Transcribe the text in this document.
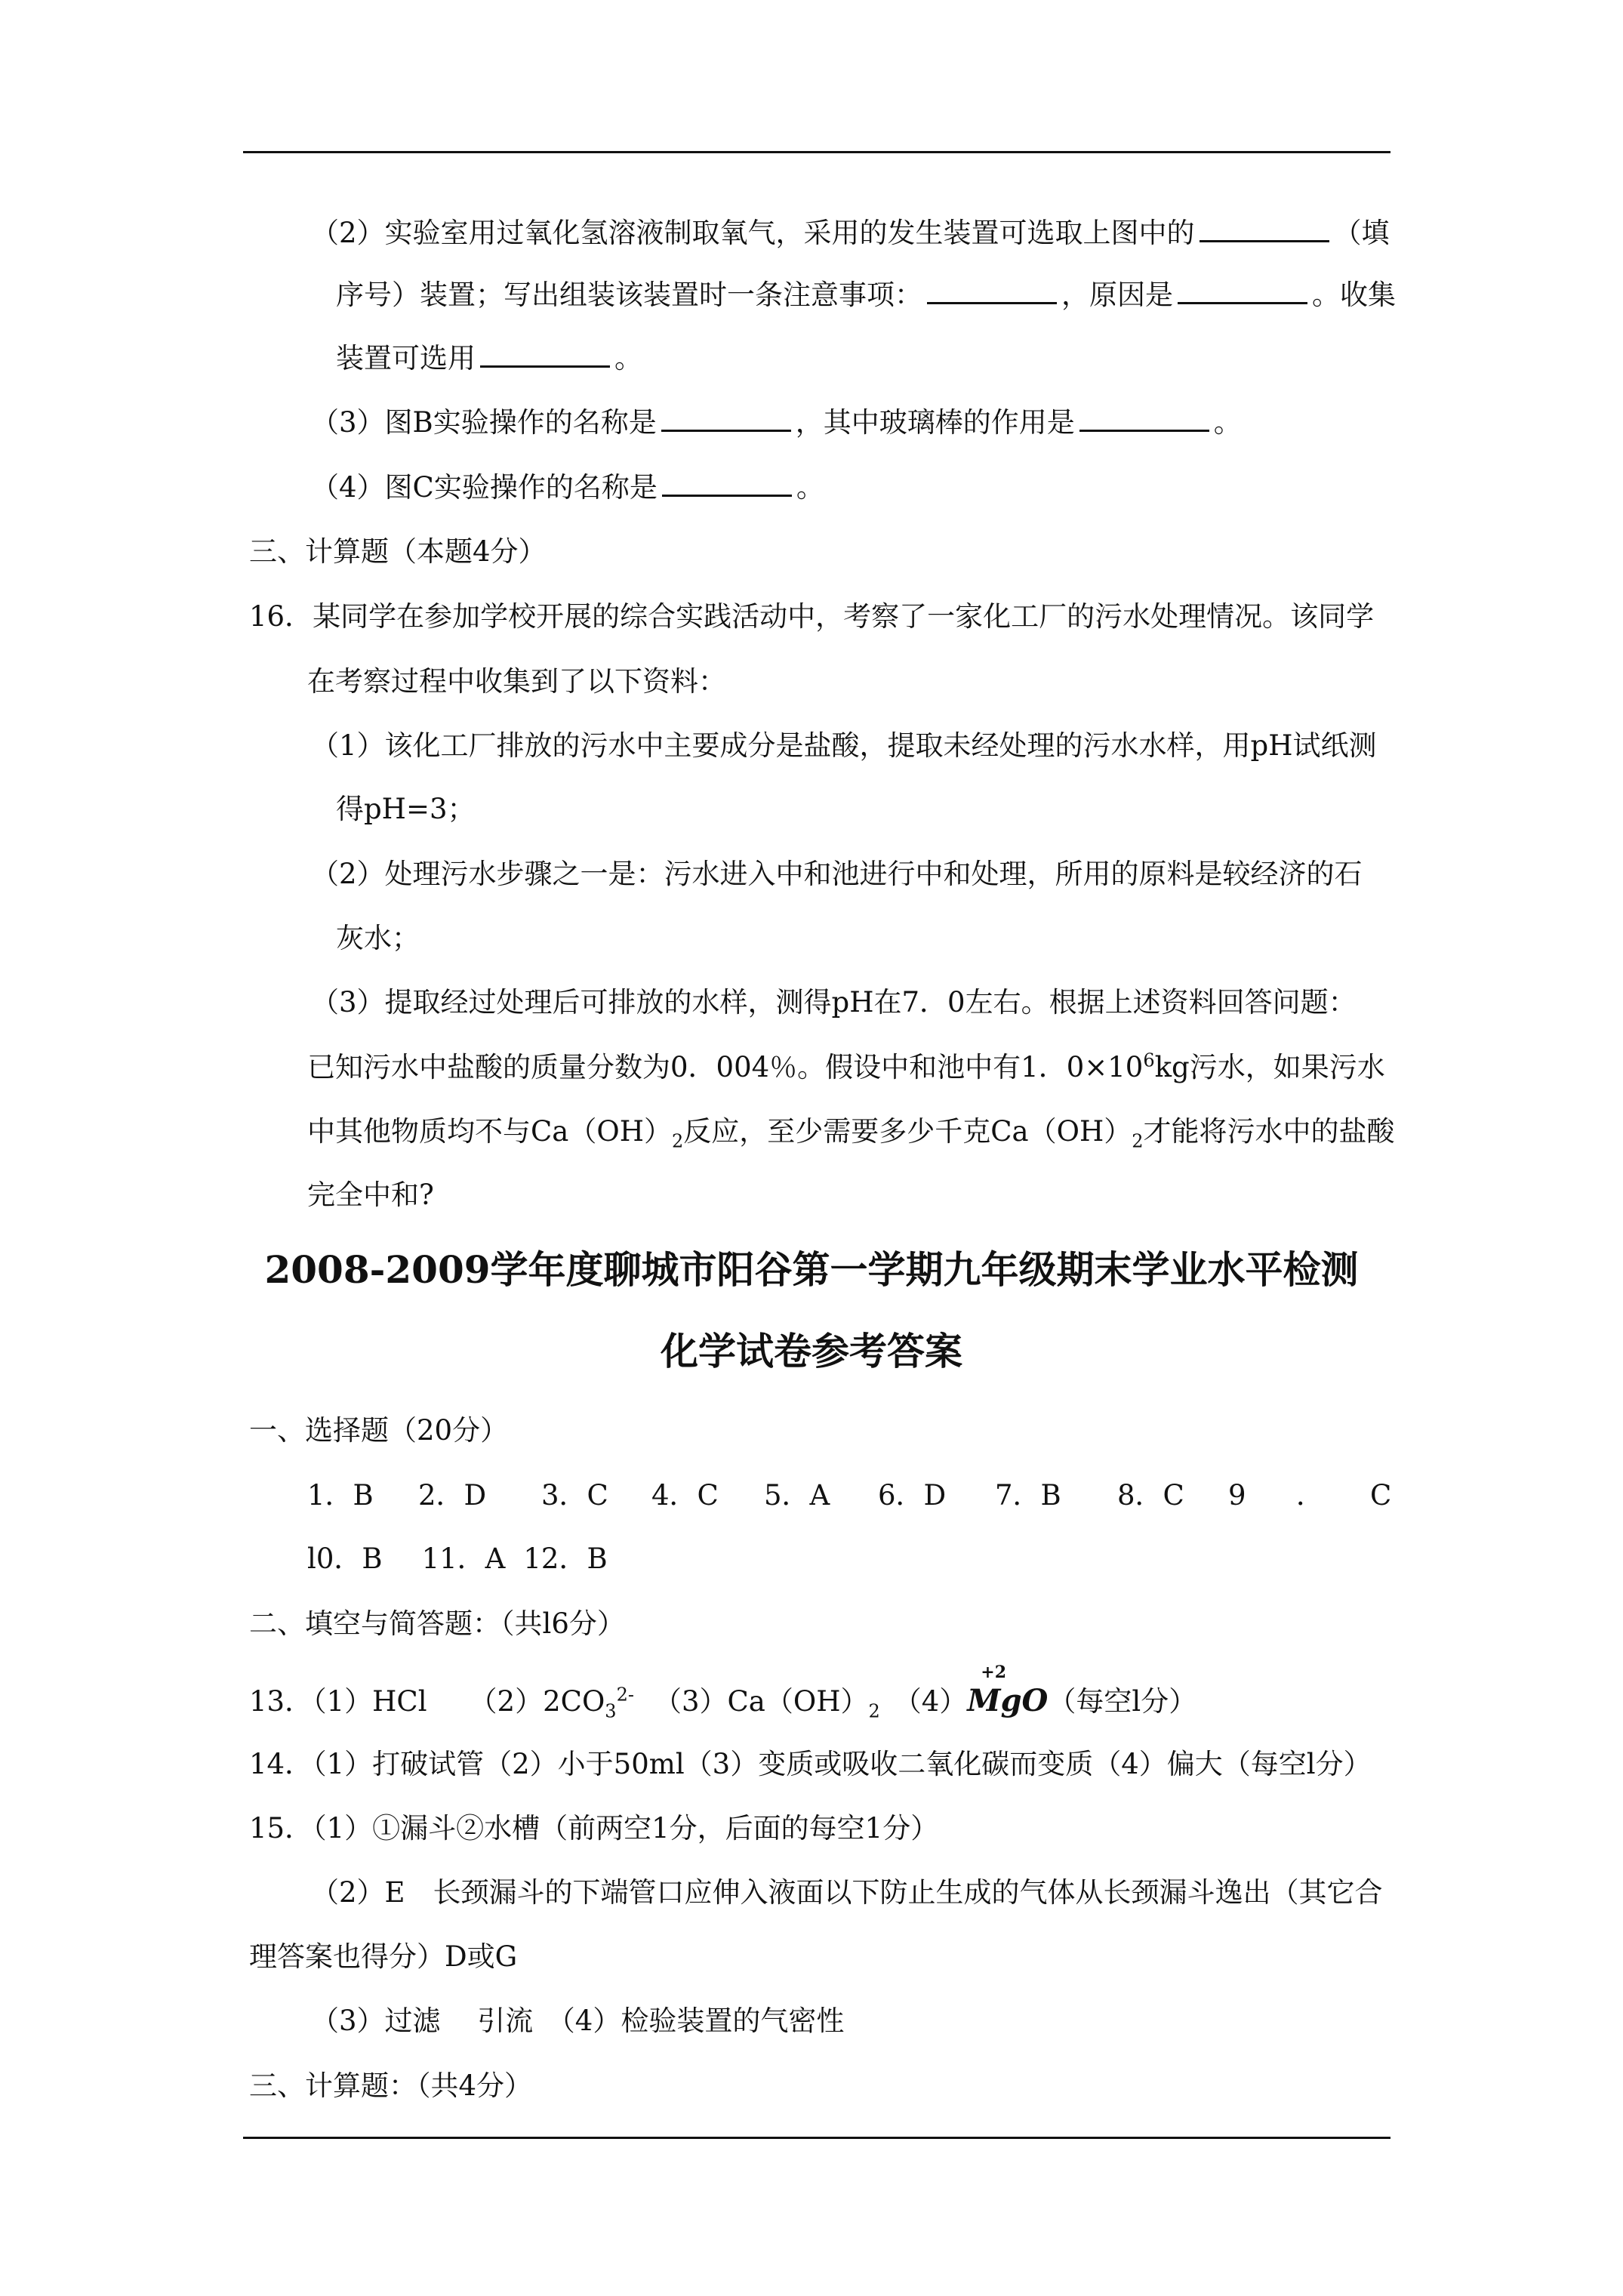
（2）实验室用过氧化氢溶液制取氧气，采用的发生装置可选取上图中的	（填
序号）装置；写出组装该装置时一条注意事项：	，原因是	。收集
装置可选用	。
（3）图B实验操作的名称是	，其中玻璃棒的作用是	。
（4）图C实验操作的名称是	。
三、计算题（本题4分）
16．某同学在参加学校开展的综合实践活动中，考察了一家化工厂的污水处理情况。该同学
在考察过程中收集到了以下资料：
（1）该化工厂排放的污水中主要成分是盐酸，提取未经处理的污水水样，用pH试纸测
得pH=3；
（2）处理污水步骤之一是：污水进入中和池进行中和处理，所用的原料是较经济的石
灰水；
（3）提取经过处理后可排放的水样，测得pH在7．0左右。根据上述资料回答问题：
已知污水中盐酸的质量分数为0．004％。假设中和池中有1．$0\times 10^6kg$污水，如果污水
中其他物质均不与$Ca(OH)_2$反应，至少需要多少千克$Ca(OH)_2$才能将污水中的盐酸
完全中和?
2008-2009学年度聊城市阳谷第一学期九年级期末学业水平检测
化学试卷参考答案
一、选择题（20分）
1．B 2．D 3．C 4．C 5．A 6．D 7．B 8．C 9 ． C
l0．B 11．A 12．B
二、填空与简答题：（共l6分）
13．（1）HCl $(2)2CO_3^{2-}$ $(3)Ca(OH)_2$ （4）
+2
MgO（每空l分）
14．（1）打破试管（2）小于50ml（3）变质或吸收二氧化碳而变质（4）偏大（每空l分）
15．（1）①漏斗②水槽（前两空1分，后面的每空1分）
（2）E　长颈漏斗的下端管口应伸入液面以下防止生成的气体从长颈漏斗逸出（其它合
理答案也得分）D或G
（3）过滤　 引流　（4）检验装置的气密性
三、计算题：（共4分）
